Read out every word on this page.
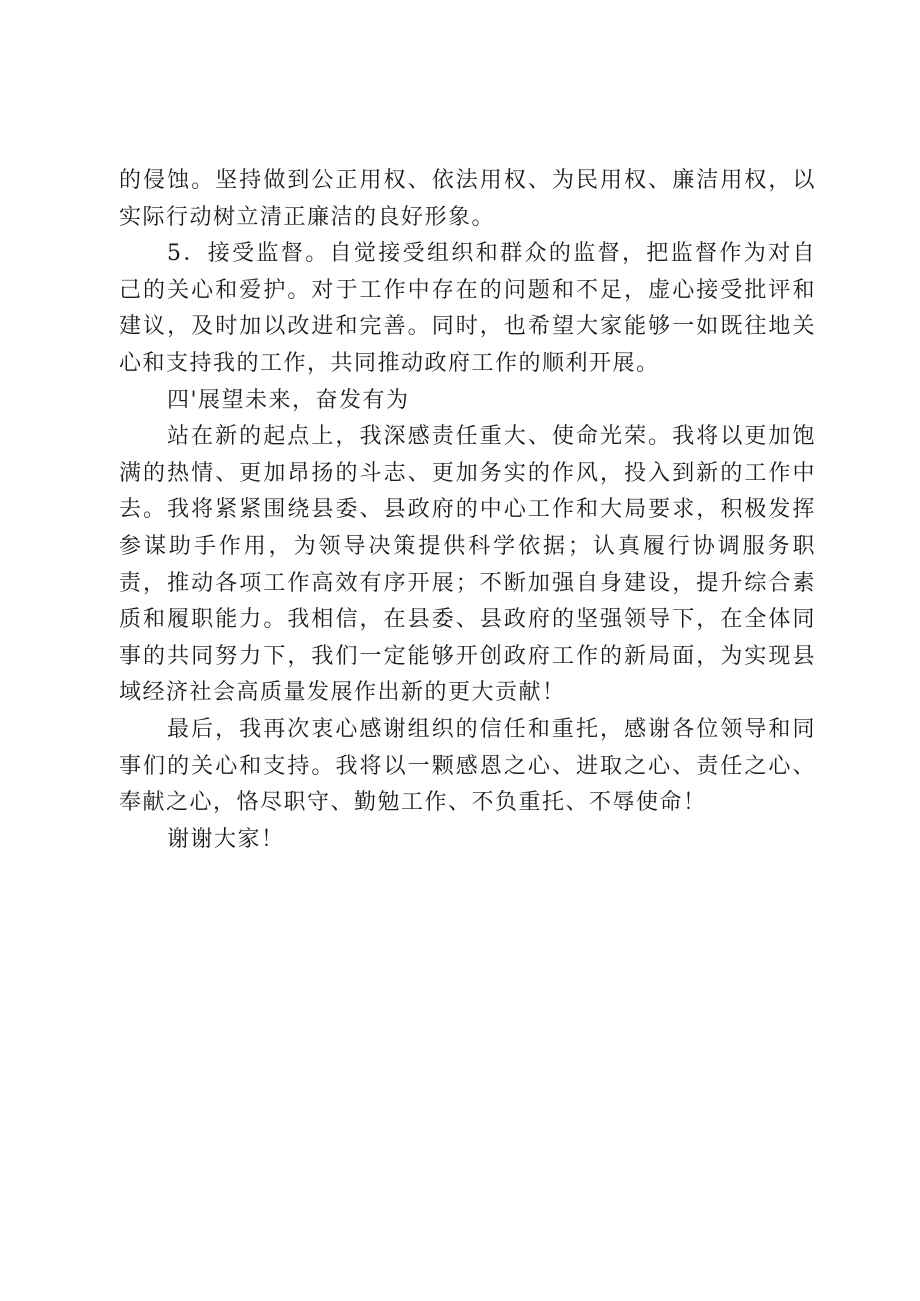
的侵蚀。坚持做到公正用权、依法用权、为民用权、廉洁用权，以实际行动树立清正廉洁的良好形象。

5．接受监督。自觉接受组织和群众的监督，把监督作为对自己的关心和爱护。对于工作中存在的问题和不足，虚心接受批评和建议，及时加以改进和完善。同时，也希望大家能够一如既往地关心和支持我的工作，共同推动政府工作的顺利开展。

四'展望未来，奋发有为

站在新的起点上，我深感责任重大、使命光荣。我将以更加饱满的热情、更加昂扬的斗志、更加务实的作风，投入到新的工作中去。我将紧紧围绕县委、县政府的中心工作和大局要求，积极发挥参谋助手作用，为领导决策提供科学依据；认真履行协调服务职责，推动各项工作高效有序开展；不断加强自身建设，提升综合素质和履职能力。我相信，在县委、县政府的坚强领导下，在全体同事的共同努力下，我们一定能够开创政府工作的新局面，为实现县域经济社会高质量发展作出新的更大贡献！

最后，我再次衷心感谢组织的信任和重托，感谢各位领导和同事们的关心和支持。我将以一颗感恩之心、进取之心、责任之心、奉献之心，恪尽职守、勤勉工作、不负重托、不辱使命！

谢谢大家！
